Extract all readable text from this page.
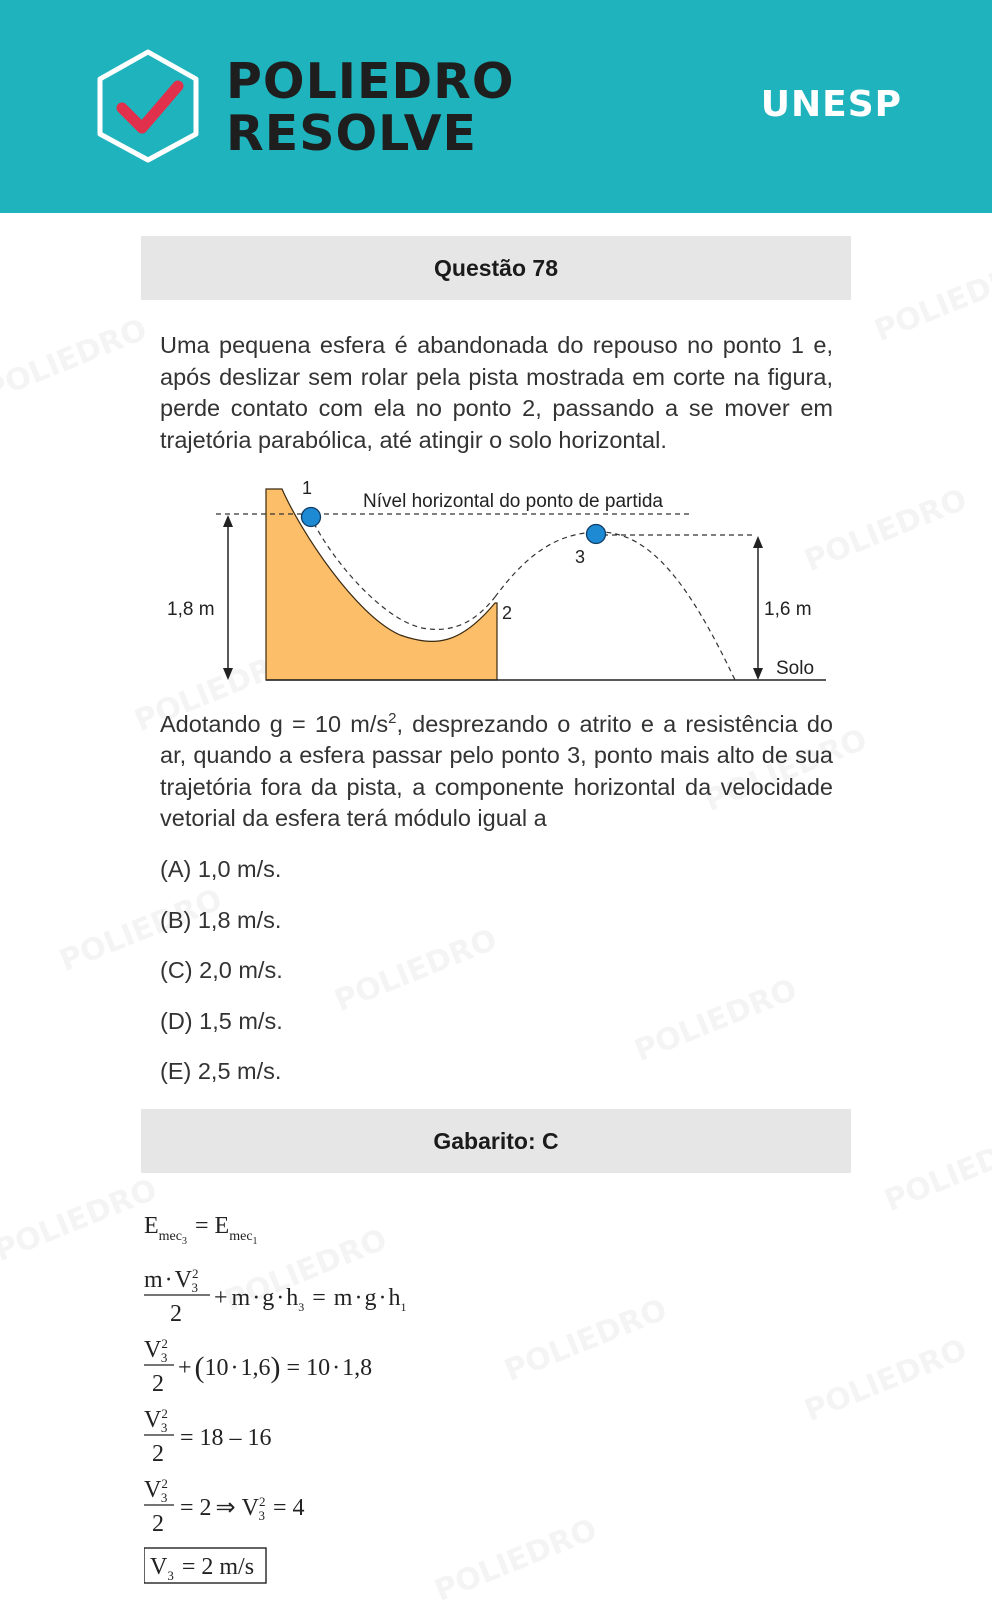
POLIEDRO
RESOLVE
UNESP
Questão 78
Uma pequena esfera é abandonada do repouso no ponto 1 e, após deslizar sem rolar pela pista mostrada em corte na figura, perde contato com ela no ponto 2, passando a se mover em trajetória parabólica, até atingir o solo horizontal.
1
2
3
Nível horizontal do ponto de partida
1,8 m	1,6 m
Solo
Adotando g = 10 $m/s^2$, desprezando o atrito e a resistência do ar, quando a esfera passar pelo ponto 3, ponto mais alto de sua trajetória fora da pista, a componente horizontal da velocidade vetorial da esfera terá módulo igual a
(A) 1,0 m/s.
(B) 1,8 m/s.
(C) 2,0 m/s.
(D) 1,5 m/s.
(E) 2,5 m/s.
Gabarito: C
$E_{mec}3= E_{mec}1$
$m\cdot V^2$ 3
2
+ $m\cdot g\cdot h_3 = m\cdot g\cdot h_1$
$V^2$ 3
2
+ (10·1,6) = 10·1,8
$V^2$ 3
2
= 18 – 16
$V^2$ 3
2
= 2 ⇒ $V^2$ 3 = 4
$V_3 = 2$ m/s
